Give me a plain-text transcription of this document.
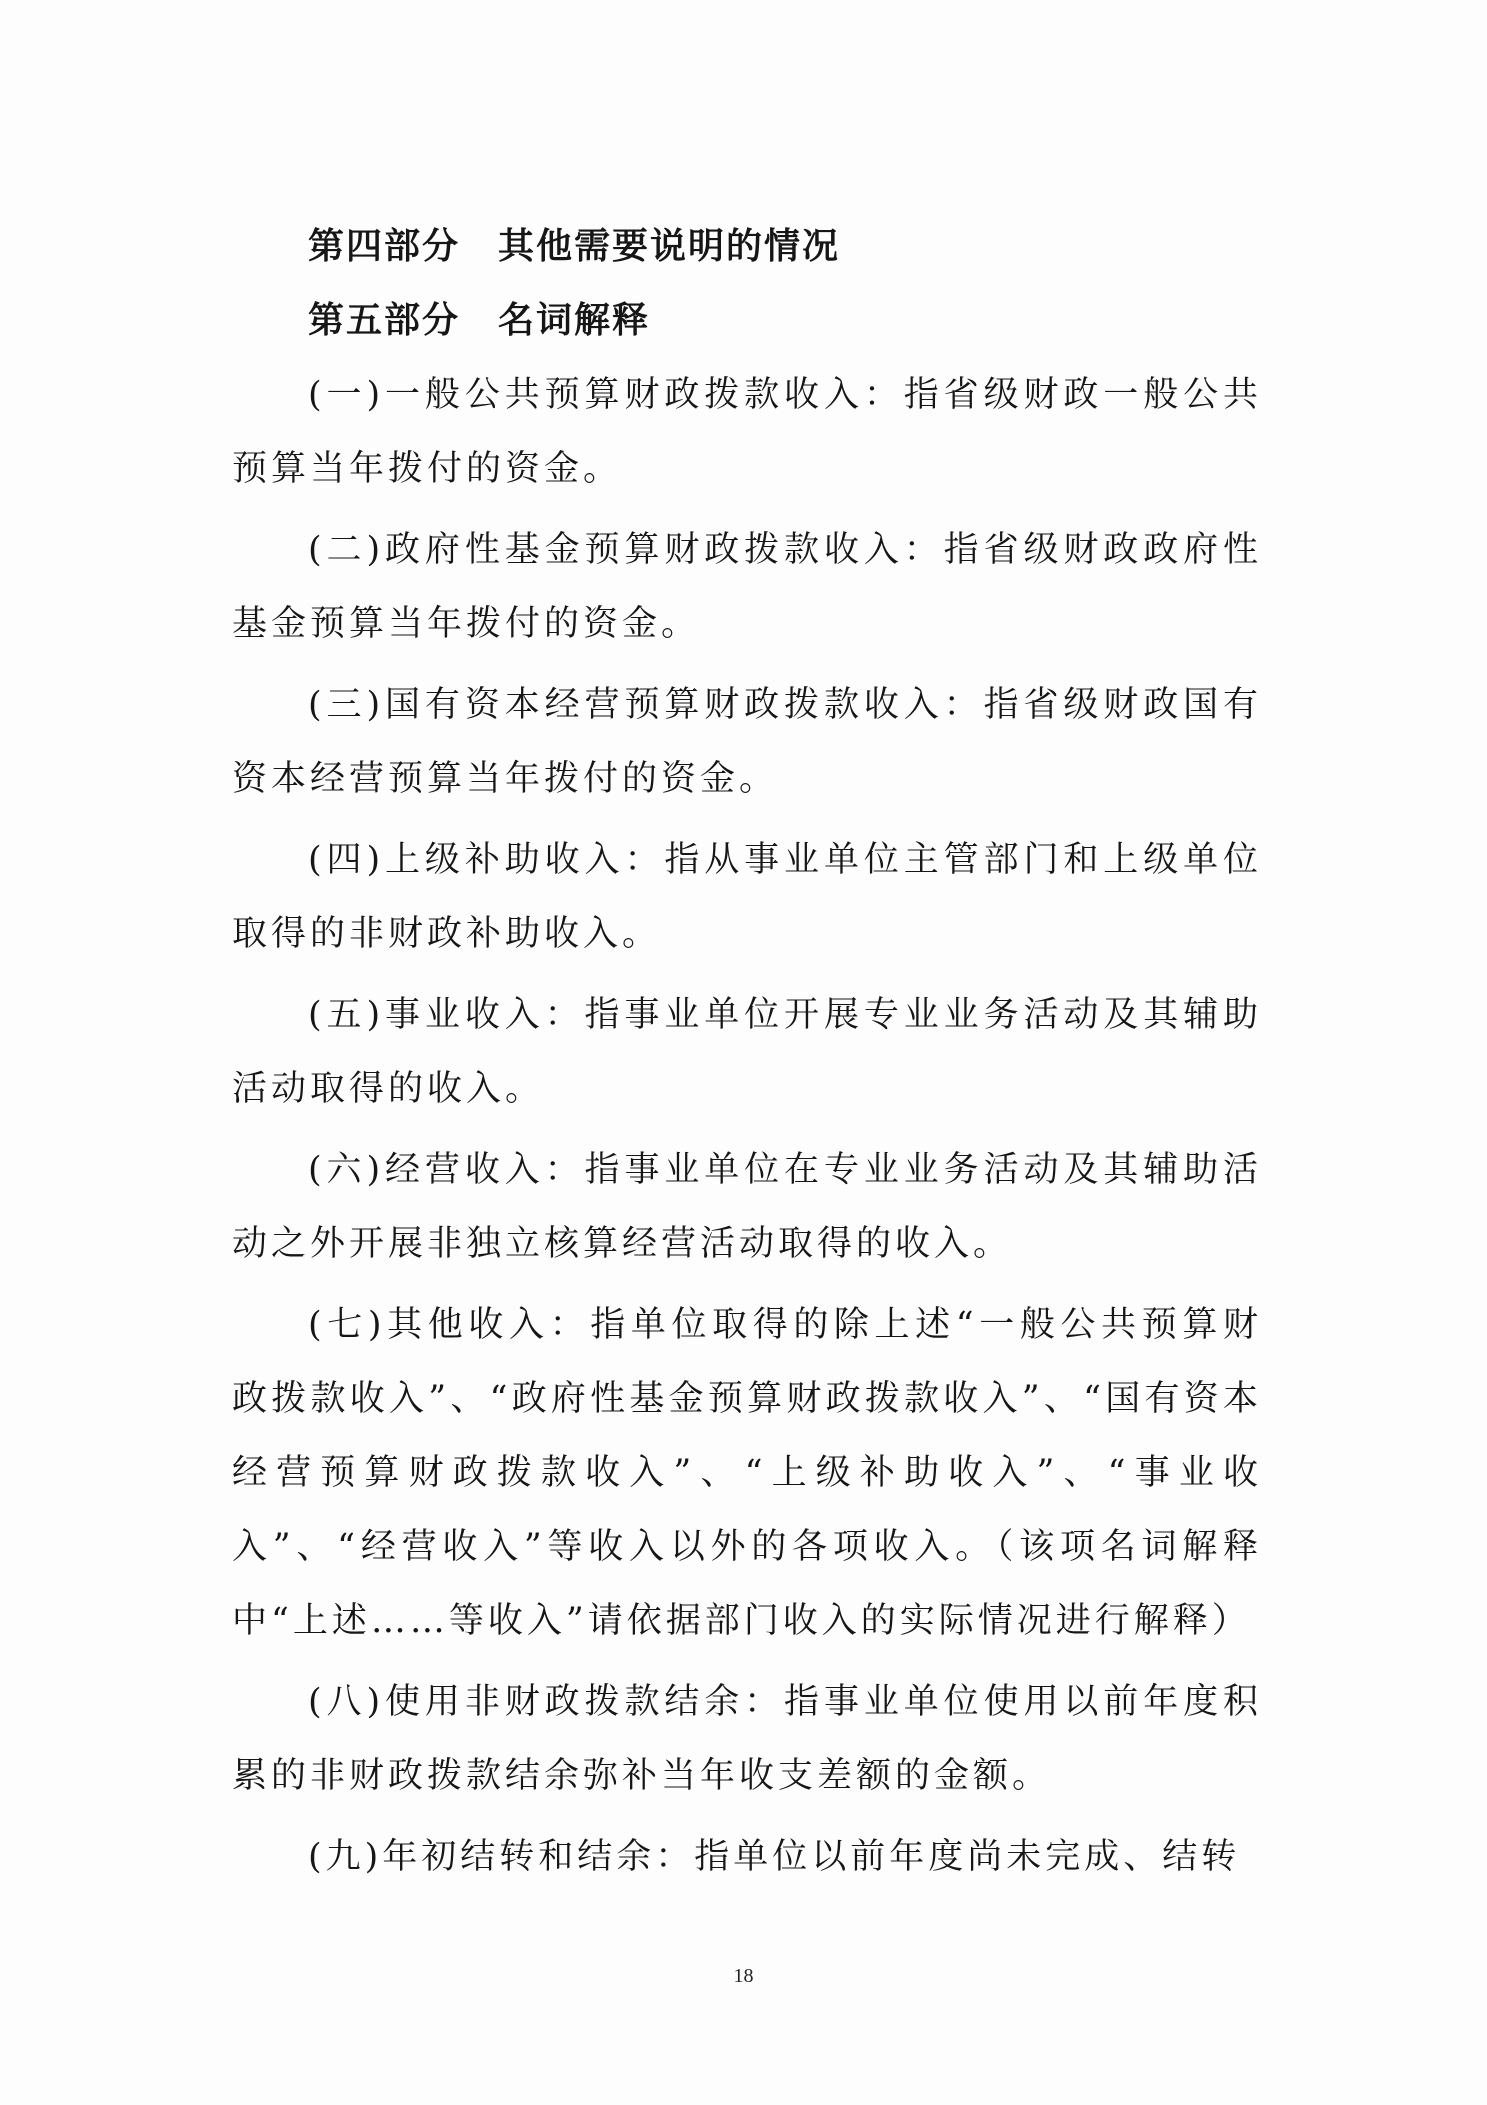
第四部分 其他需要说明的情况
第五部分 名词解释

(一)一般公共预算财政拨款收入：指省级财政一般公共预算当年拨付的资金。

(二)政府性基金预算财政拨款收入：指省级财政政府性基金预算当年拨付的资金。

(三)国有资本经营预算财政拨款收入：指省级财政国有资本经营预算当年拨付的资金。

(四)上级补助收入：指从事业单位主管部门和上级单位取得的非财政补助收入。

(五)事业收入：指事业单位开展专业业务活动及其辅助活动取得的收入。

(六)经营收入：指事业单位在专业业务活动及其辅助活动之外开展非独立核算经营活动取得的收入。

(七)其他收入：指单位取得的除上述“一般公共预算财政拨款收入”、“政府性基金预算财政拨款收入”、“国有资本经营预算财政拨款收入”、“上级补助收入”、“事业收入”、“经营收入”等收入以外的各项收入。（该项名词解释中“上述……等收入”请依据部门收入的实际情况进行解释）

(八)使用非财政拨款结余：指事业单位使用以前年度积累的非财政拨款结余弥补当年收支差额的金额。

(九)年初结转和结余：指单位以前年度尚未完成、结转

18
